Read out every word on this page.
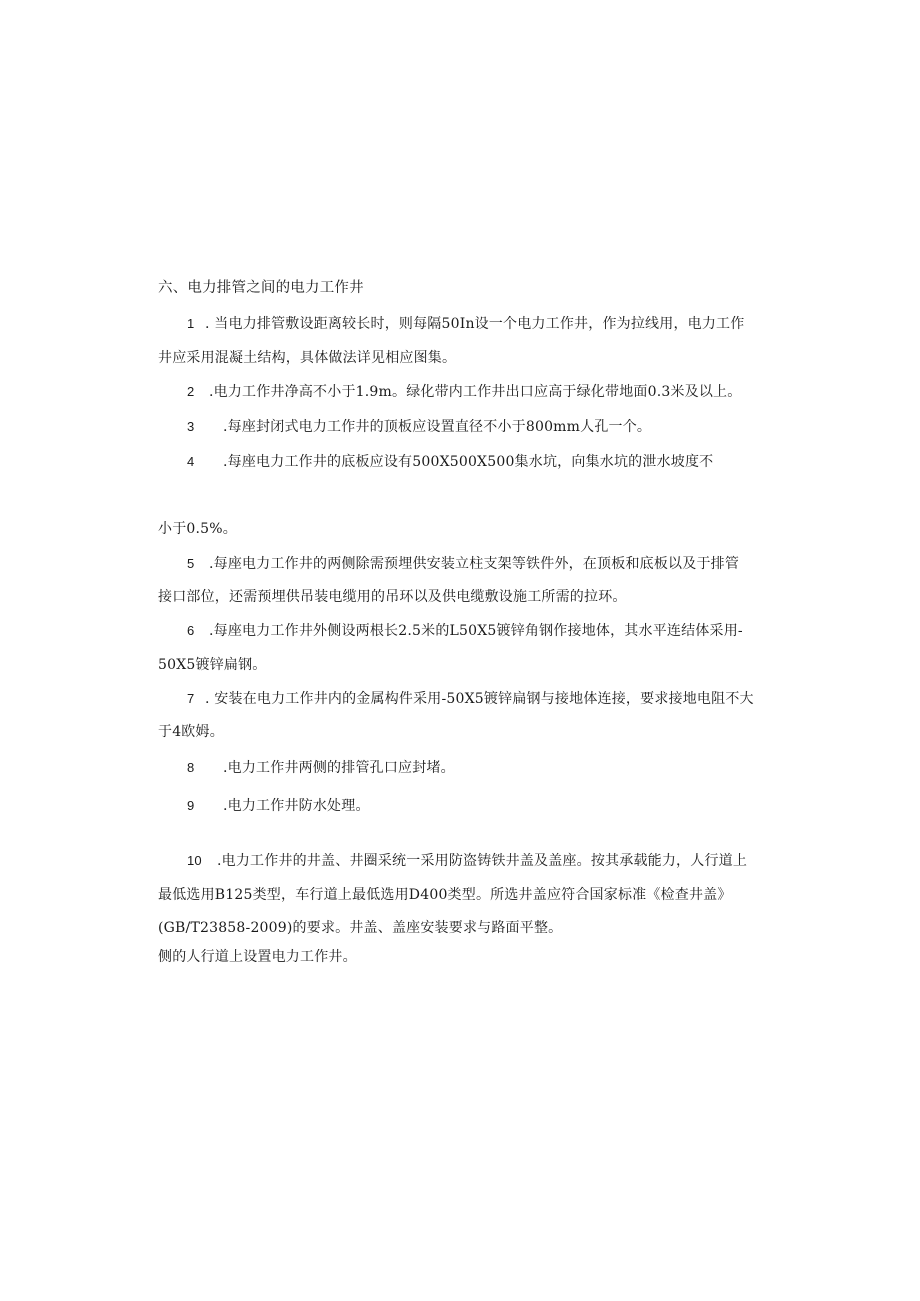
六、电力排管之间的电力工作井
1 . 当电力排管敷设距离较长时，则每隔50In设一个电力工作井，作为拉线用，电力工作
井应采用混凝土结构，具体做法详见相应图集。
2 .电力工作井净高不小于1.9m。绿化带内工作井出口应高于绿化带地面0.3米及以上。
3 .每座封闭式电力工作井的顶板应设置直径不小于800mm人孔一个。
4 .每座电力工作井的底板应设有500X500X500集水坑，向集水坑的泄水坡度不
小于0.5%。
5 .每座电力工作井的两侧除需预埋供安装立柱支架等铁件外，在顶板和底板以及于排管
接口部位，还需预埋供吊装电缆用的吊环以及供电缆敷设施工所需的拉环。
6 .每座电力工作井外侧设两根长2.5米的L50X5镀锌角钢作接地体，其水平连结体采用-
50X5镀锌扁钢。
7 . 安装在电力工作井内的金属构件采用-50X5镀锌扁钢与接地体连接，要求接地电阻不大
于4欧姆。
8 .电力工作井两侧的排管孔口应封堵。
9 .电力工作井防水处理。
10 .电力工作井的井盖、井圈采统一采用防盗铸铁井盖及盖座。按其承载能力，人行道上
最低选用B125类型，车行道上最低选用D400类型。所选井盖应符合国家标准《检查井盖》
(GB/T23858-2009)的要求。井盖、盖座安装要求与路面平整。
侧的人行道上设置电力工作井。
